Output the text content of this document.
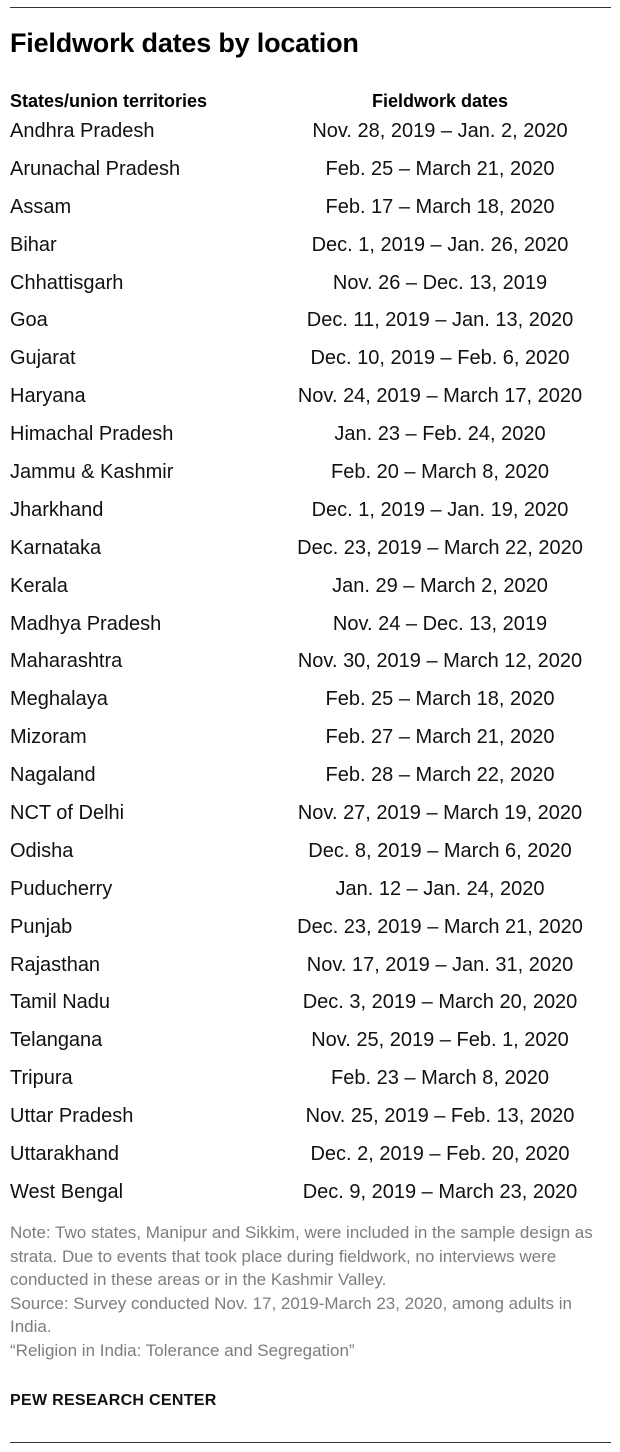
Fieldwork dates by location
States/union territories	Fieldwork dates
Andhra Pradesh	Nov. 28, 2019 – Jan. 2, 2020
Arunachal Pradesh	Feb. 25 – March 21, 2020
Assam	Feb. 17 – March 18, 2020
Bihar	Dec. 1, 2019 – Jan. 26, 2020
Chhattisgarh	Nov. 26 – Dec. 13, 2019
Goa	Dec. 11, 2019 – Jan. 13, 2020
Gujarat	Dec. 10, 2019 – Feb. 6, 2020
Haryana	Nov. 24, 2019 – March 17, 2020
Himachal Pradesh	Jan. 23 – Feb. 24, 2020
Jammu & Kashmir	Feb. 20 – March 8, 2020
Jharkhand	Dec. 1, 2019 – Jan. 19, 2020
Karnataka	Dec. 23, 2019 – March 22, 2020
Kerala	Jan. 29 – March 2, 2020
Madhya Pradesh	Nov. 24 – Dec. 13, 2019
Maharashtra	Nov. 30, 2019 – March 12, 2020
Meghalaya	Feb. 25 – March 18, 2020
Mizoram	Feb. 27 – March 21, 2020
Nagaland	Feb. 28 – March 22, 2020
NCT of Delhi	Nov. 27, 2019 – March 19, 2020
Odisha	Dec. 8, 2019 – March 6, 2020
Puducherry	Jan. 12 – Jan. 24, 2020
Punjab	Dec. 23, 2019 – March 21, 2020
Rajasthan	Nov. 17, 2019 – Jan. 31, 2020
Tamil Nadu	Dec. 3, 2019 – March 20, 2020
Telangana	Nov. 25, 2019 – Feb. 1, 2020
Tripura	Feb. 23 – March 8, 2020
Uttar Pradesh	Nov. 25, 2019 – Feb. 13, 2020
Uttarakhand	Dec. 2, 2019 – Feb. 20, 2020
West Bengal	Dec. 9, 2019 – March 23, 2020

Note: Two states, Manipur and Sikkim, were included in the sample design as strata. Due to events that took place during fieldwork, no interviews were conducted in these areas or in the Kashmir Valley.

Source: Survey conducted Nov. 17, 2019-March 23, 2020, among adults in India.

“Religion in India: Tolerance and Segregation”

PEW RESEARCH CENTER
